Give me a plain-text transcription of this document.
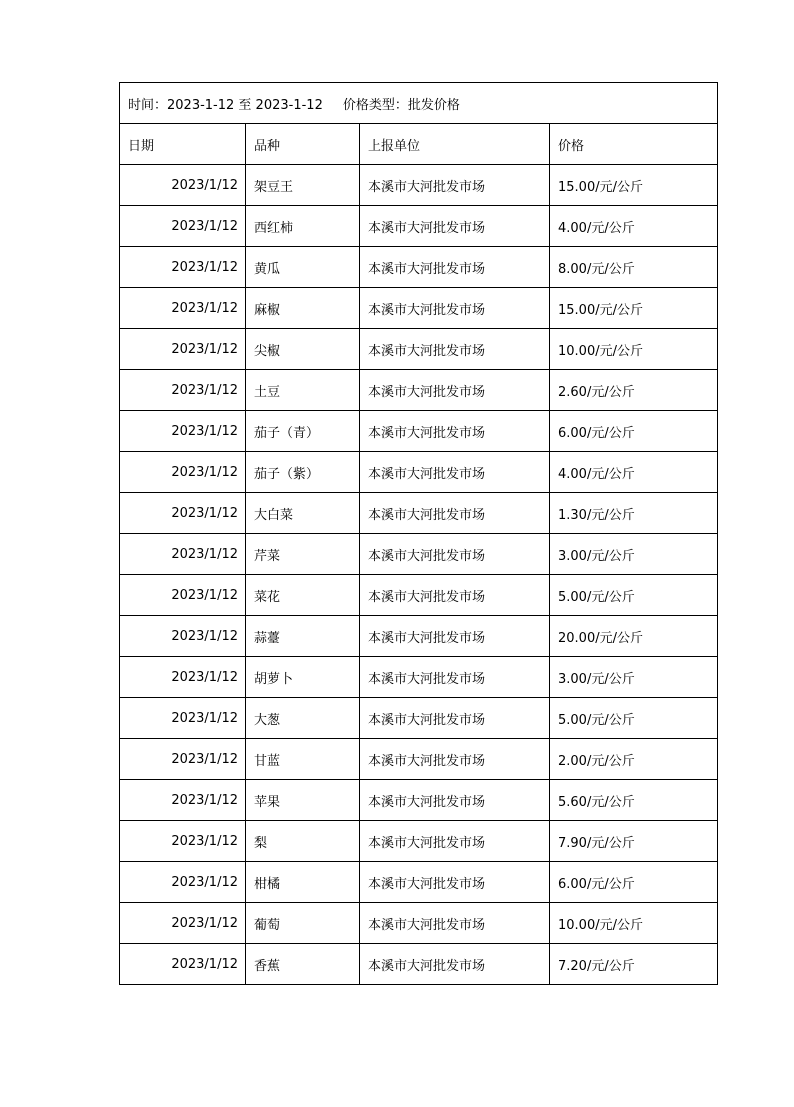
时间：2023-1-12 至 2023-1-12 价格类型：批发价格			
日期	品种	上报单位	价格
2023/1/12	架豆王	本溪市大河批发市场	15.00/元/公斤
2023/1/12	西红柿	本溪市大河批发市场	4.00/元/公斤
2023/1/12	黄瓜	本溪市大河批发市场	8.00/元/公斤
2023/1/12	麻椒	本溪市大河批发市场	15.00/元/公斤
2023/1/12	尖椒	本溪市大河批发市场	10.00/元/公斤
2023/1/12	土豆	本溪市大河批发市场	2.60/元/公斤
2023/1/12	茄子（青）	本溪市大河批发市场	6.00/元/公斤
2023/1/12	茄子（紫）	本溪市大河批发市场	4.00/元/公斤
2023/1/12	大白菜	本溪市大河批发市场	1.30/元/公斤
2023/1/12	芹菜	本溪市大河批发市场	3.00/元/公斤
2023/1/12	菜花	本溪市大河批发市场	5.00/元/公斤
2023/1/12	蒜薹	本溪市大河批发市场	20.00/元/公斤
2023/1/12	胡萝卜	本溪市大河批发市场	3.00/元/公斤
2023/1/12	大葱	本溪市大河批发市场	5.00/元/公斤
2023/1/12	甘蓝	本溪市大河批发市场	2.00/元/公斤
2023/1/12	苹果	本溪市大河批发市场	5.60/元/公斤
2023/1/12	梨	本溪市大河批发市场	7.90/元/公斤
2023/1/12	柑橘	本溪市大河批发市场	6.00/元/公斤
2023/1/12	葡萄	本溪市大河批发市场	10.00/元/公斤
2023/1/12	香蕉	本溪市大河批发市场	7.20/元/公斤
